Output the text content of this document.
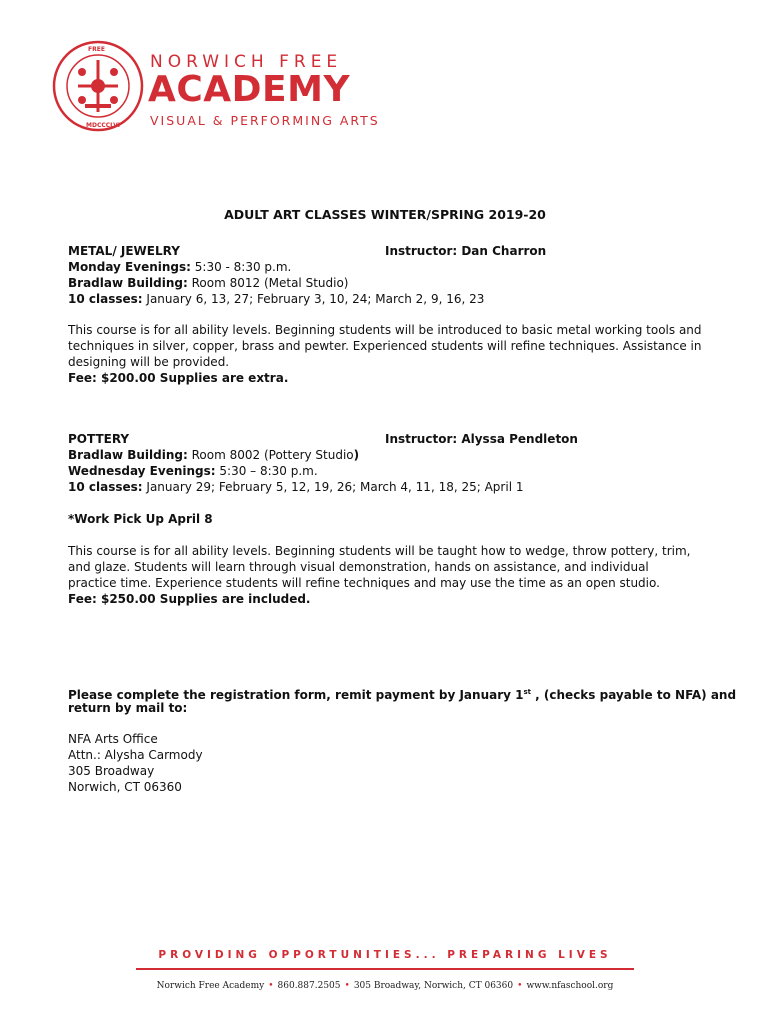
FREE
MDCCCLVI
NORWICH FREE
ACADEMY
VISUAL & PERFORMING ARTS
ADULT ART CLASSES WINTER/SPRING 2019-20
METAL/ JEWELRY	Instructor: Dan Charron
Monday Evenings: 5:30 - 8:30 p.m.
Bradlaw Building: Room 8012 (Metal Studio)
10 classes: January 6, 13, 27; February 3, 10, 24; March 2, 9, 16, 23
This course is for all ability levels. Beginning students will be introduced to basic metal working tools and
techniques in silver, copper, brass and pewter. Experienced students will refine techniques. Assistance in
designing will be provided.
Fee: $200.00 Supplies are extra.
POTTERY	Instructor: Alyssa Pendleton
Bradlaw Building: Room 8002 (Pottery Studio)
Wednesday Evenings: 5:30 – 8:30 p.m.
10 classes: January 29; February 5, 12, 19, 26; March 4, 11, 18, 25; April 1
*Work Pick Up April 8
This course is for all ability levels. Beginning students will be taught how to wedge, throw pottery, trim,
and glaze. Students will learn through visual demonstration, hands on assistance, and individual
practice time. Experience students will refine techniques and may use the time as an open studio.
Fee: $250.00 Supplies are included.
Please complete the registration form, remit payment by January 1st , (checks payable to NFA) and
return by mail to:
NFA Arts Office
Attn.: Alysha Carmody
305 Broadway
Norwich, CT 06360
PROVIDING OPPORTUNITIES... PREPARING LIVES
Norwich Free Academy • 860.887.2505 • 305 Broadway, Norwich, CT 06360 • www.nfaschool.org
